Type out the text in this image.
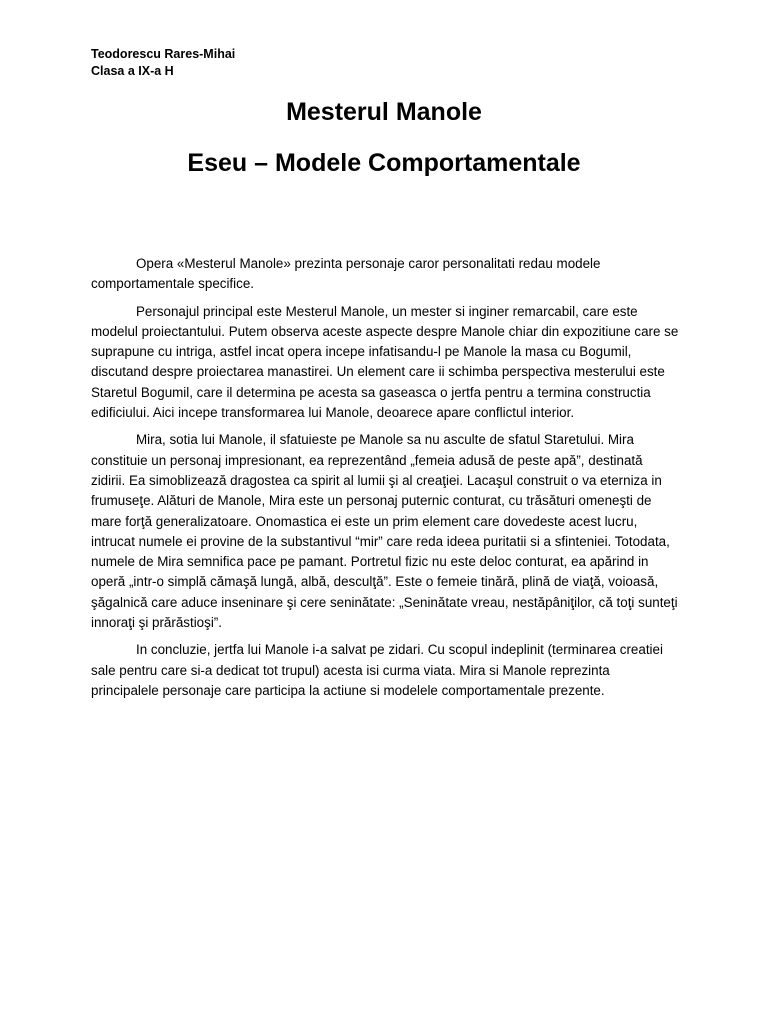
Teodorescu Rares-Mihai
Clasa a IX-a H
Mesterul Manole
Eseu – Modele Comportamentale

Opera «Mesterul Manole» prezinta personaje caror personalitati redau modele comportamentale specifice.

Personajul principal este Mesterul Manole, un mester si inginer remarcabil, care este modelul proiectantului. Putem observa aceste aspecte despre Manole chiar din expozitiune care se suprapune cu intriga, astfel incat opera incepe infatisandu-l pe Manole la masa cu Bogumil, discutand despre proiectarea manastirei. Un element care ii schimba perspectiva mesterului este Staretul Bogumil, care il determina pe acesta sa gaseasca o jertfa pentru a termina constructia edificiului. Aici incepe transformarea lui Manole, deoarece apare conflictul interior.

Mira, sotia lui Manole, il sfatuieste pe Manole sa nu asculte de sfatul Staretului. Mira constituie un personaj impresionant, ea reprezentând „femeia adusă de peste apă”, destinată zidirii. Ea simoblizează dragostea ca spirit al lumii şi al creaţiei. Lacaşul construit o va eterniza in frumuseţe. Alături de Manole, Mira este un personaj puternic conturat, cu trăsături omeneşti de mare forţă generalizatoare. Onomastica ei este un prim element care dovedeste acest lucru, intrucat numele ei provine de la substantivul “mir” care reda ideea puritatii si a sfinteniei. Totodata, numele de Mira semnifica pace pe pamant. Portretul fizic nu este deloc conturat, ea apărind in operă „intr-o simplă cămaşă lungă, albă, desculţă”. Este o femeie tinără, plină de viaţă, voioasă, şăgalnică care aduce inseninare şi cere seninătate: „Seninătate vreau, nestăpâniţilor, că toţi sunteţi innoraţi şi prărăstioşi”.

In concluzie, jertfa lui Manole i-a salvat pe zidari. Cu scopul indeplinit (terminarea creatiei sale pentru care si-a dedicat tot trupul) acesta isi curma viata. Mira si Manole reprezinta principalele personaje care participa la actiune si modelele comportamentale prezente.
